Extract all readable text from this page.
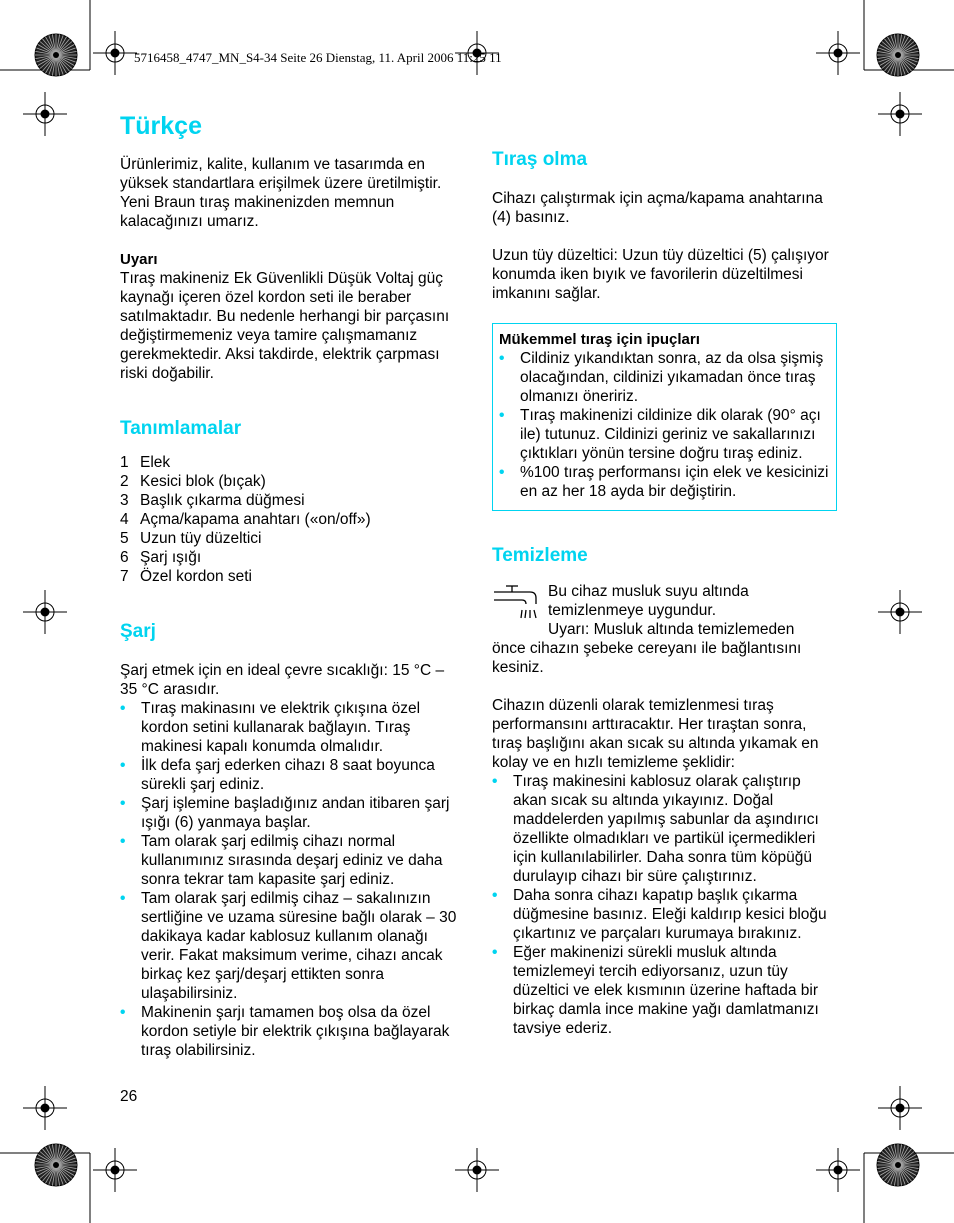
5716458_4747_MN_S4-34 Seite 26 Dienstag, 11. April 2006 11:25 11
Türkçe

Ürünlerimiz, kalite, kullanım ve tasarımda en yüksek standartlara erişilmek üzere üretilmiştir. Yeni Braun tıraş makinenizden memnun kalacağınızı umarız.

Uyarı

Tıraş makineniz Ek Güvenlikli Düşük Voltaj güç kaynağı içeren özel kordon seti ile beraber satılmaktadır. Bu nedenle herhangi bir parçasını değiştirmemeniz veya tamire çalışmamanız gerekmektedir. Aksi takdirde, elektrik çarpması riski doğabilir.

Tanımlamalar
1 Elek
2 Kesici blok (bıçak)
3 Başlık çıkarma düğmesi
4 Açma/kapama anahtarı («on/off»)
5 Uzun tüy düzeltici
6 Şarj ışığı
7 Özel kordon seti
Şarj

Şarj etmek için en ideal çevre sıcaklığı: 15 °C – 35 °C arasıdır.

• Tıraş makinasını ve elektrik çıkışına özel kordon setini kullanarak bağlayın. Tıraş makinesi kapalı konumda olmalıdır.
• İlk defa şarj ederken cihazı 8 saat boyunca sürekli şarj ediniz.
• Şarj işlemine başladığınız andan itibaren şarj ışığı (6) yanmaya başlar.
• Tam olarak şarj edilmiş cihazı normal kullanımınız sırasında deşarj ediniz ve daha sonra tekrar tam kapasite şarj ediniz.
• Tam olarak şarj edilmiş cihaz – sakalınızın sertliğine ve uzama süresine bağlı olarak – 30 dakikaya kadar kablosuz kullanım olanağı verir. Fakat maksimum verime, cihazı ancak birkaç kez şarj/deşarj ettikten sonra ulaşabilirsiniz.
• Makinenin şarjı tamamen boş olsa da özel kordon setiyle bir elektrik çıkışına bağlayarak tıraş olabilirsiniz.
Tıraş olma

Cihazı çalıştırmak için açma/kapama anahtarına (4) basınız.

Uzun tüy düzeltici: Uzun tüy düzeltici (5) çalışıyor konumda iken bıyık ve favorilerin düzeltilmesi imkanını sağlar.

Mükemmel tıraş için ipuçları
• Cildiniz yıkandıktan sonra, az da olsa şişmiş olacağından, cildinizi yıkamadan önce tıraş olmanızı öneririz.
• Tıraş makinenizi cildinize dik olarak (90° açı ile) tutunuz. Cildinizi geriniz ve sakallarınızı çıktıkları yönün tersine doğru tıraş ediniz.
• %100 tıraş performansı için elek ve kesicinizi en az her 18 ayda bir değiştirin.
Temizleme

Bu cihaz musluk suyu altında temizlenmeye uygundur.

Uyarı: Musluk altında temizlemeden

önce cihazın şebeke cereyanı ile bağlantısını kesiniz.

Cihazın düzenli olarak temizlenmesi tıraş performansını arttıracaktır. Her tıraştan sonra, tıraş başlığını akan sıcak su altında yıkamak en kolay ve en hızlı temizleme şeklidir:

• Tıraş makinesini kablosuz olarak çalıştırıp akan sıcak su altında yıkayınız. Doğal maddelerden yapılmış sabunlar da aşındırıcı özellikte olmadıkları ve partikül içermedikleri için kullanılabilirler. Daha sonra tüm köpüğü durulayıp cihazı bir süre çalıştırınız.
• Daha sonra cihazı kapatıp başlık çıkarma düğmesine basınız. Eleği kaldırıp kesici bloğu çıkartınız ve parçaları kurumaya bırakınız.
• Eğer makinenizi sürekli musluk altında temizlemeyi tercih ediyorsanız, uzun tüy düzeltici ve elek kısmının üzerine haftada bir birkaç damla ince makine yağı damlatmanızı tavsiye ederiz.
26
